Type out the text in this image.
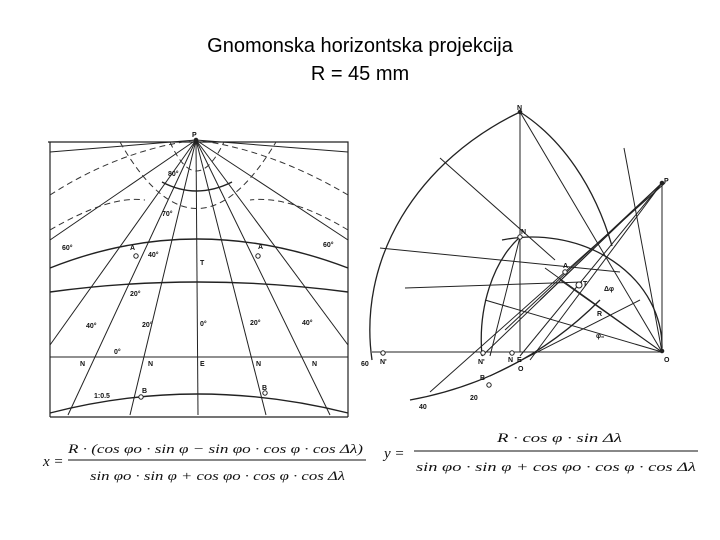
Gnomonska horizontska projekcija
R = 45 mm
P
80°
70°
60°	60°
40°
20°
A	A
T
40°	20°	0°	20°	40°
0°
N	N	E	N	N
1:0.5
B	B
N
P
N
A
T
Δφ
R
φ₀
60 N'	N'	N E
O
O
B
20
40
x =
R · (cos φo · sin φ − sin φo · cos φ · cos Δλ)
sin φo · sin φ + cos φo · cos φ · cos Δλ
y =
R · cos φ · sin Δλ
sin φo · sin φ + cos φo · cos φ · cos Δλ
